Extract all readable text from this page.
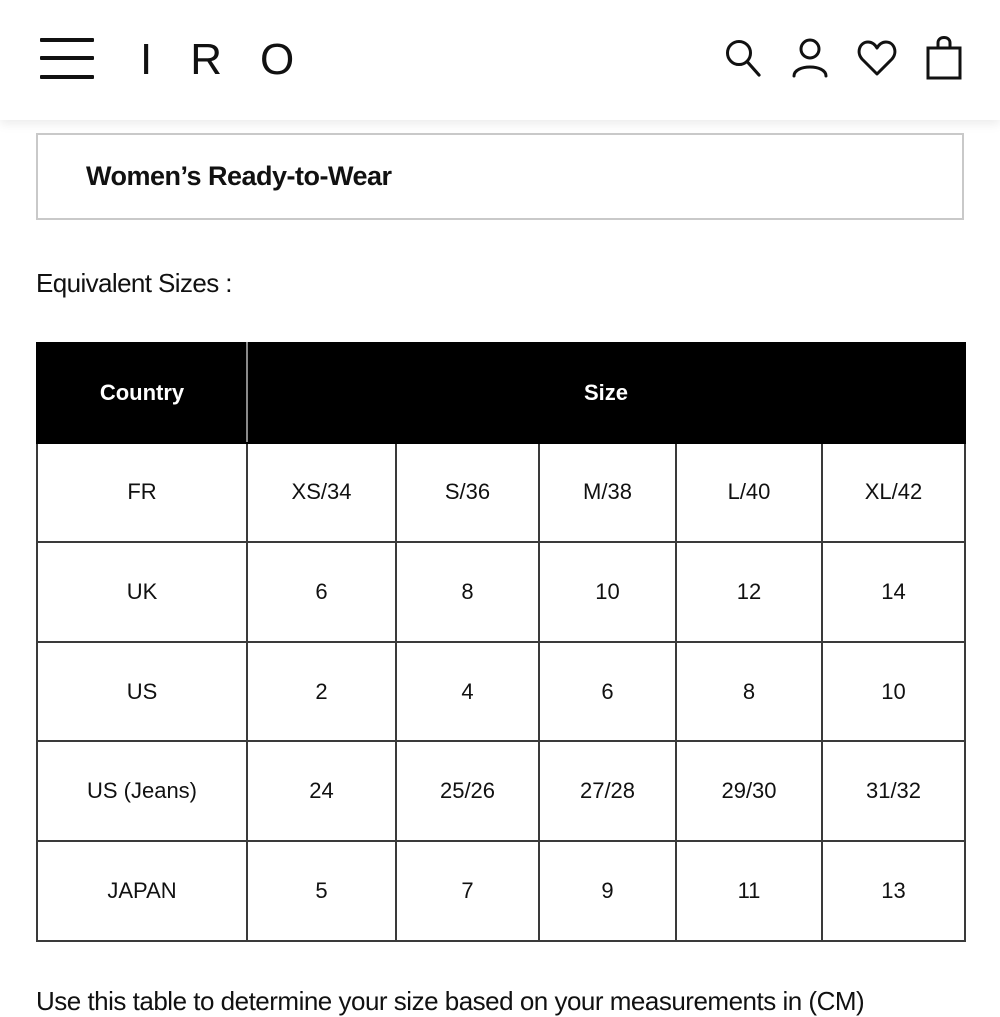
IRO
Women’s Ready-to-Wear
Equivalent Sizes :
Country	Size				
FR	XS/34	S/36	M/38	L/40	XL/42
UK	6	8	10	12	14
US	2	4	6	8	10
US (Jeans)	24	25/26	27/28	29/30	31/32
JAPAN	5	7	9	11	13
Use this table to determine your size based on your measurements in (CM)
